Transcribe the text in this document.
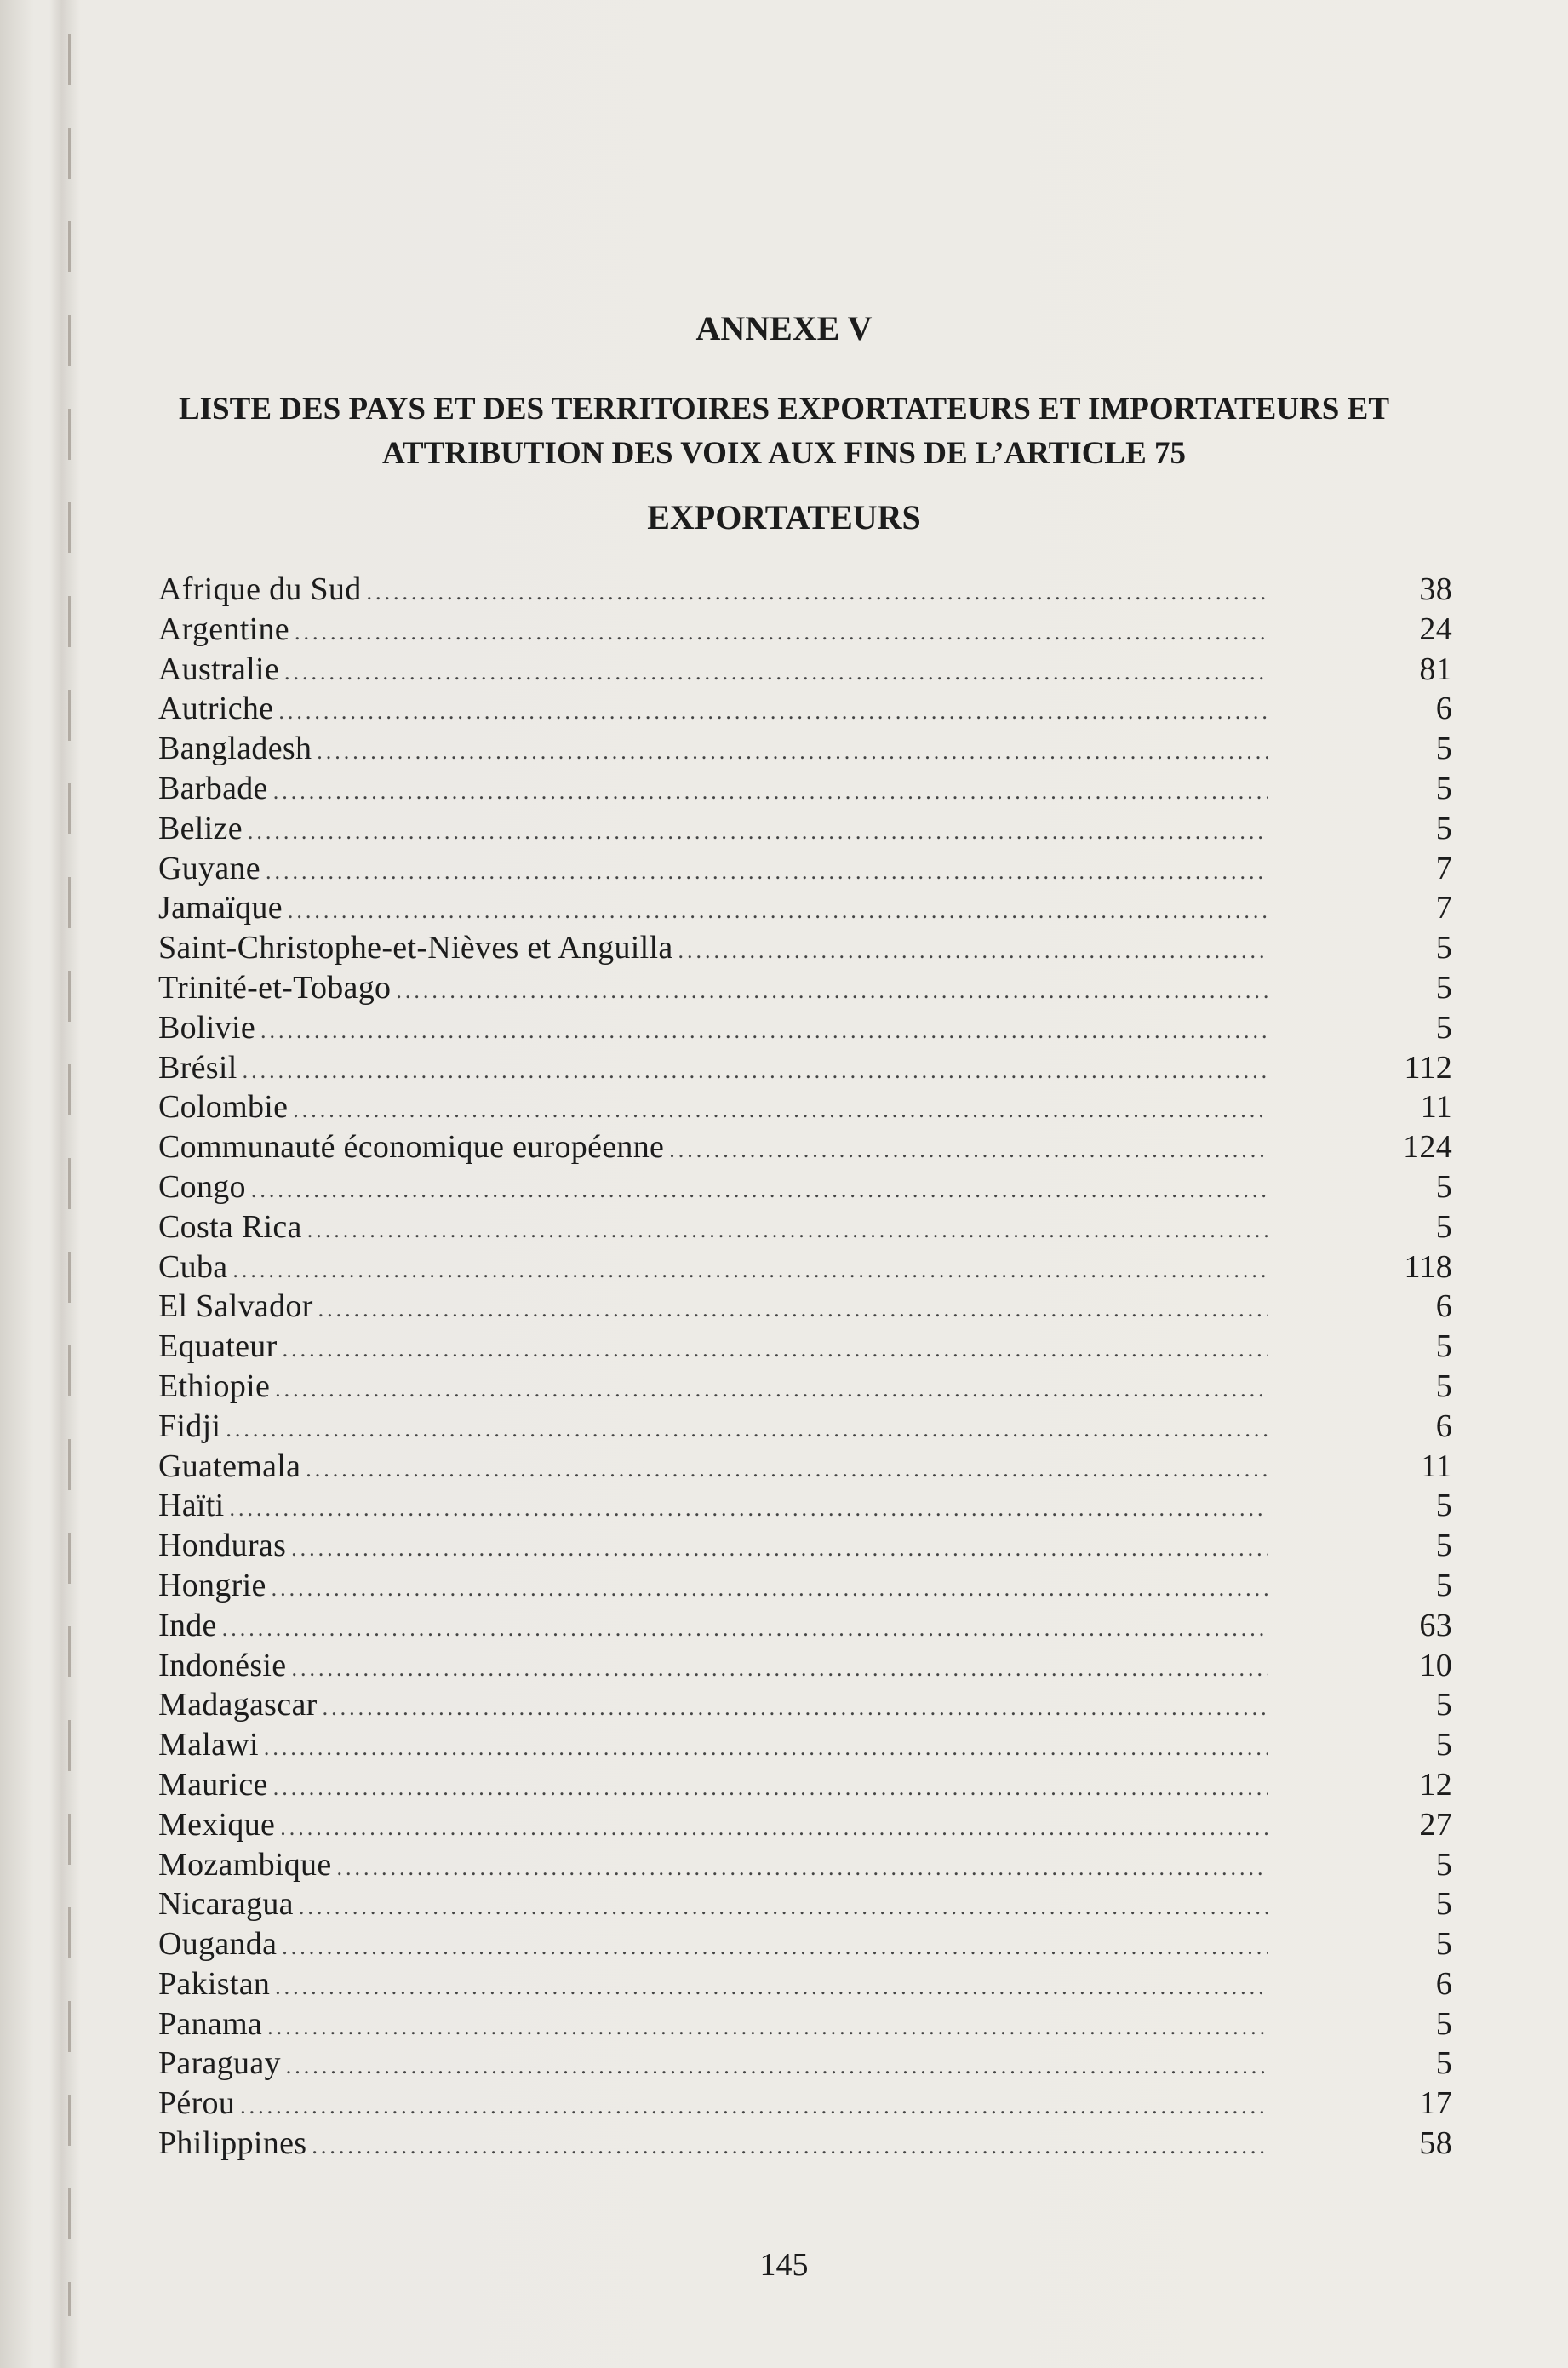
ANNEXE V
LISTE DES PAYS ET DES TERRITOIRES EXPORTATEURS ET IMPORTATEURS ET ATTRIBUTION DES VOIX AUX FINS DE L’ARTICLE 75
EXPORTATEURS
Afrique du Sud .....	38
Argentine .....	24
Australie .....	81
Autriche .....	6
Bangladesh .....	5
Barbade .....	5
Belize .....	5
Guyane .....	7
Jamaïque .....	7
Saint-Christophe-et-Nièves et Anguilla .....	5
Trinité-et-Tobago .....	5
Bolivie .....	5
Brésil .....	112
Colombie .....	11
Communauté économique européenne .....	124
Congo .....	5
Costa Rica .....	5
Cuba .....	118
El Salvador .....	6
Equateur .....	5
Ethiopie .....	5
Fidji .....	6
Guatemala .....	11
Haïti .....	5
Honduras .....	5
Hongrie .....	5
Inde .....	63
Indonésie .....	10
Madagascar .....	5
Malawi .....	5
Maurice .....	12
Mexique .....	27
Mozambique .....	5
Nicaragua .....	5
Ouganda .....	5
Pakistan .....	6
Panama .....	5
Paraguay .....	5
Pérou .....	17
Philippines .....	58
145
